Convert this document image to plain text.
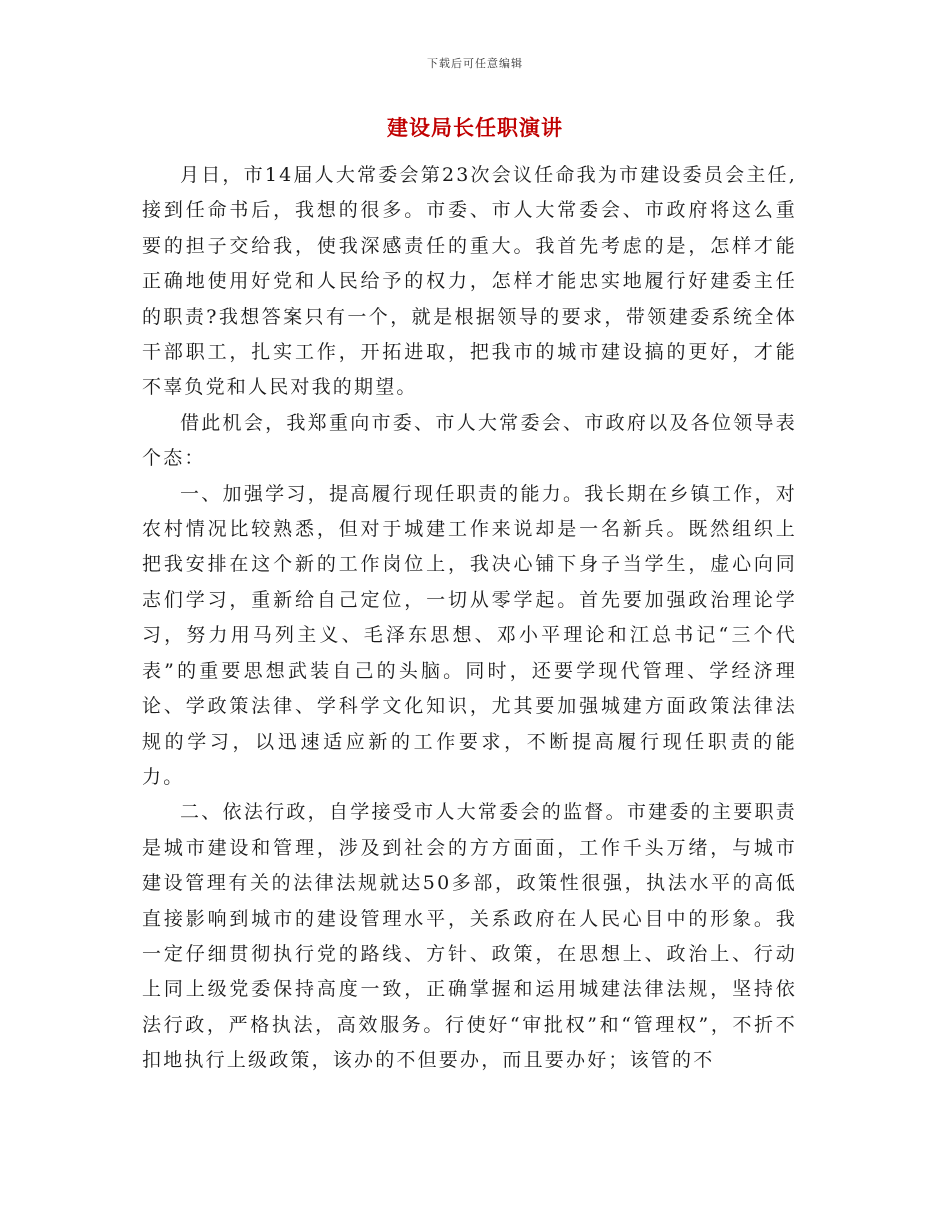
下载后可任意编辑
建设局长任职演讲

月日，市14届人大常委会第23次会议任命我为市建设委员会主任,接到任命书后，我想的很多。市委、市人大常委会、市政府将这么重要的担子交给我，使我深感责任的重大。我首先考虑的是，怎样才能正确地使用好党和人民给予的权力，怎样才能忠实地履行好建委主任的职责?我想答案只有一个，就是根据领导的要求，带领建委系统全体干部职工，扎实工作，开拓进取，把我市的城市建设搞的更好，才能不辜负党和人民对我的期望。

借此机会，我郑重向市委、市人大常委会、市政府以及各位领导表个态：

一、加强学习，提高履行现任职责的能力。我长期在乡镇工作，对农村情况比较熟悉，但对于城建工作来说却是一名新兵。既然组织上把我安排在这个新的工作岗位上，我决心铺下身子当学生，虚心向同志们学习，重新给自己定位，一切从零学起。首先要加强政治理论学习，努力用马列主义、毛泽东思想、邓小平理论和江总书记“三个代表”的重要思想武装自己的头脑。同时，还要学现代管理、学经济理论、学政策法律、学科学文化知识，尤其要加强城建方面政策法律法规的学习，以迅速适应新的工作要求，不断提高履行现任职责的能力。

二、依法行政，自学接受市人大常委会的监督。市建委的主要职责是城市建设和管理，涉及到社会的方方面面，工作千头万绪，与城市建设管理有关的法律法规就达50多部，政策性很强，执法水平的高低直接影响到城市的建设管理水平，关系政府在人民心目中的形象。我一定仔细贯彻执行党的路线、方针、政策，在思想上、政治上、行动上同上级党委保持高度一致，正确掌握和运用城建法律法规，坚持依法行政，严格执法，高效服务。行使好“审批权”和“管理权”，不折不扣地执行上级政策，该办的不但要办，而且要办好；该管的不
